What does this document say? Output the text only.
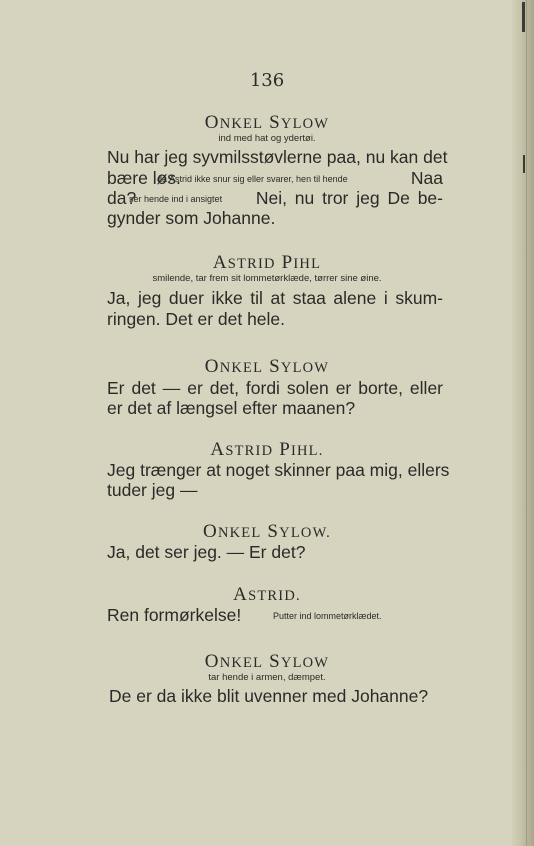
136
ONKEL SYLOW
ind med hat og ydertøi.
Nu har jeg syvmilsstøvlerne paa, nu kan det
bære løs.
da Astrid ikke snur sig eller svarer, hen til hende	Naa
da?
ser hende ind i ansigtet Nei, nu tror jeg De be-
gynder som Johanne.
ASTRID PIHL
smilende, tar frem sit lommetørklæde, tørrer sine øine.
Ja, jeg duer ikke til at staa alene i skum-
ringen. Det er det hele.
ONKEL SYLOW
Er det — er det, fordi solen er borte, eller
er det af længsel efter maanen?
ASTRID PIHL.
Jeg trænger at noget skinner paa mig, ellers
tuder jeg —
ONKEL SYLOW.
Ja, det ser jeg. — Er det?
ASTRID.
Ren formørkelse!	Putter ind lommetørklædet.
ONKEL SYLOW
tar hende i armen, dæmpet.
De er da ikke blit uvenner med Johanne?
